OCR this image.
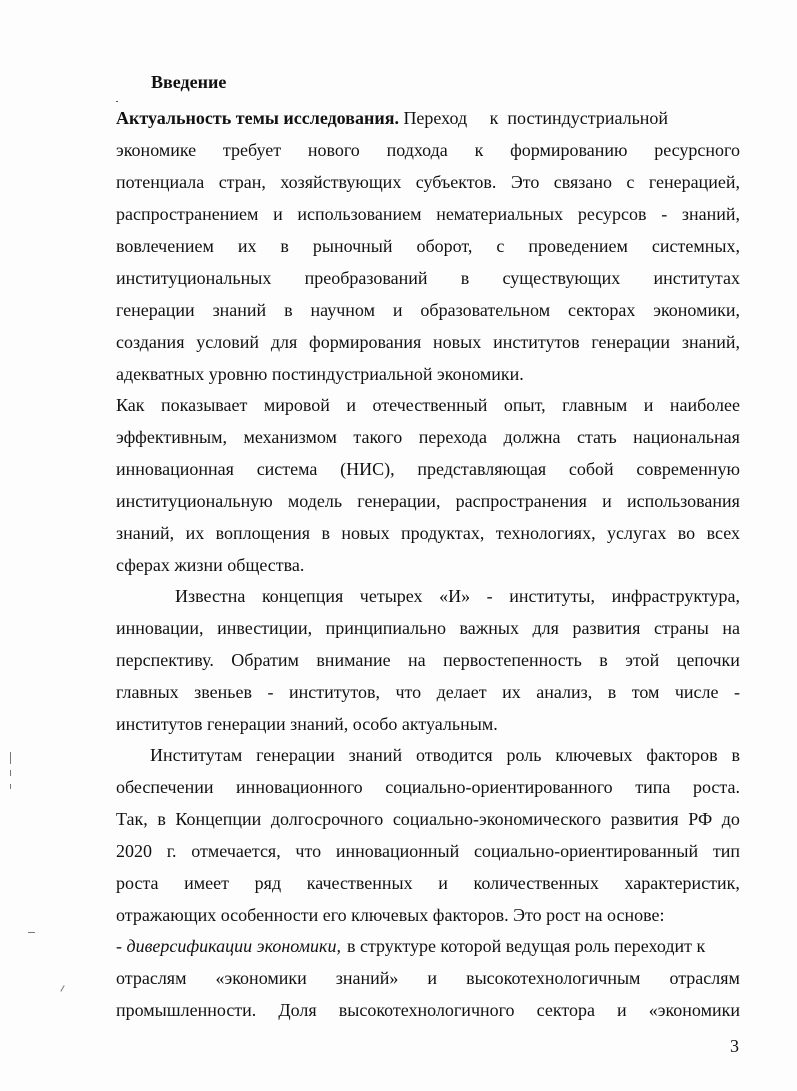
Введение
Актуальность темы исследования. Переход     к  постиндустриальной
экономике требует нового подхода к формированию ресурсного
потенциала стран, хозяйствующих субъектов. Это связано с генерацией,
распространением и использованием нематериальных ресурсов - знаний,
вовлечением их в рыночный оборот, с проведением системных,
институциональных преобразований в существующих институтах
генерации знаний в научном и образовательном секторах экономики,
создания условий для формирования новых институтов генерации знаний,
адекватных уровню постиндустриальной экономики.
Как показывает мировой и отечественный опыт, главным и наиболее
эффективным, механизмом такого перехода должна стать национальная
инновационная система (НИС), представляющая собой современную
институциональную модель генерации, распространения и использования
знаний, их воплощения в новых продуктах, технологиях, услугах во всех
сферах жизни общества.
Известна концепция четырех «И» - институты, инфраструктура,
инновации, инвестиции, принципиально важных для развития страны на
перспективу. Обратим внимание на первостепенность в этой цепочки
главных звеньев - институтов, что делает их анализ, в том числе -
институтов генерации знаний, особо актуальным.
Институтам генерации знаний отводится роль ключевых факторов в
обеспечении инновационного социально-ориентированного типа роста.
Так, в Концепции долгосрочного социально-экономического развития РФ до
2020 г. отмечается, что инновационный социально-ориентированный тип
роста имеет ряд качественных и количественных характеристик,
отражающих особенности его ключевых факторов. Это рост на основе:
- диверсификации экономики, в структуре которой ведущая роль переходит к
отраслям «экономики знаний» и высокотехнологичным отраслям
промышленности. Доля высокотехнологичного сектора и «экономики
3
